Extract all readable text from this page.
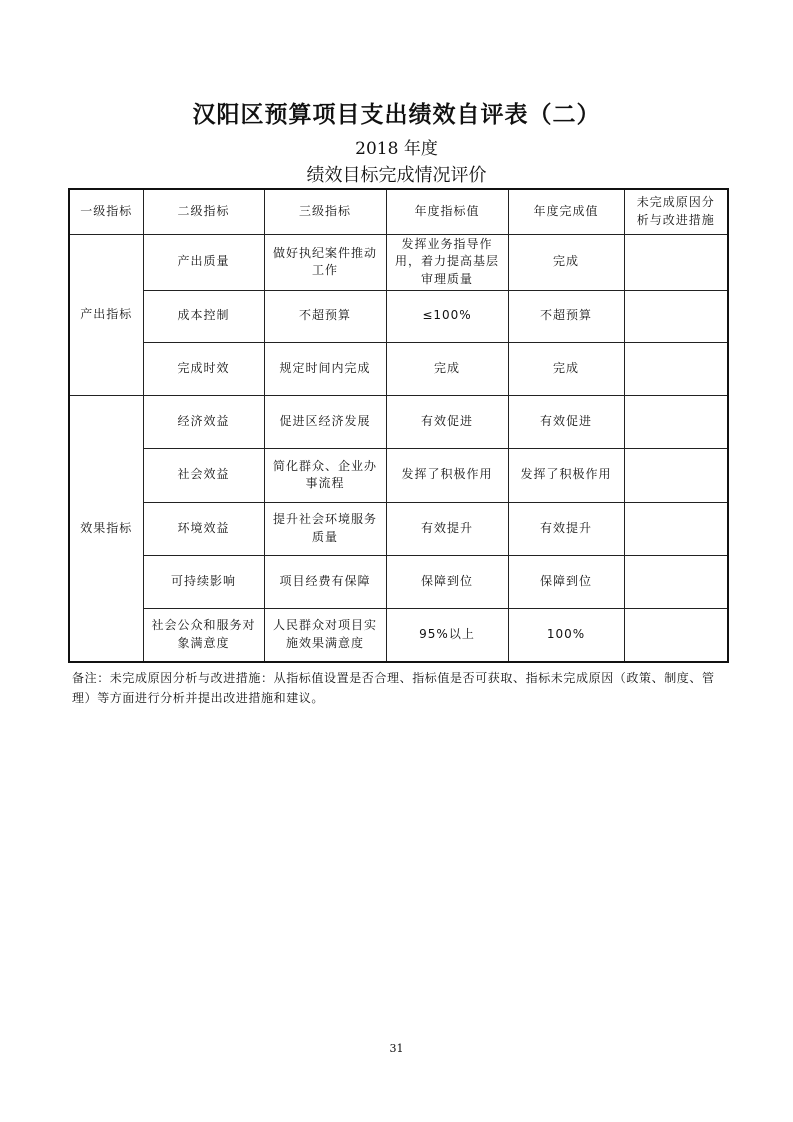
汉阳区预算项目支出绩效自评表（二）
2018 年度
绩效目标完成情况评价
一级指标	二级指标	三级指标	年度指标值	年度完成值	未完成原因分析与改进措施
产出指标	产出质量	做好执纪案件推动工作	发挥业务指导作用，着力提高基层审理质量	完成	
	成本控制	不超预算	≤100%	不超预算	
	完成时效	规定时间内完成	完成	完成	
效果指标	经济效益	促进区经济发展	有效促进	有效促进	
	社会效益	简化群众、企业办事流程	发挥了积极作用	发挥了积极作用	
	环境效益	提升社会环境服务质量	有效提升	有效提升	
	可持续影响	项目经费有保障	保障到位	保障到位	
	社会公众和服务对象满意度	人民群众对项目实施效果满意度	95%以上	100%	
备注：未完成原因分析与改进措施：从指标值设置是否合理、指标值是否可获取、指标未完成原因（政策、制度、管理）等方面进行分析并提出改进措施和建议。
31
